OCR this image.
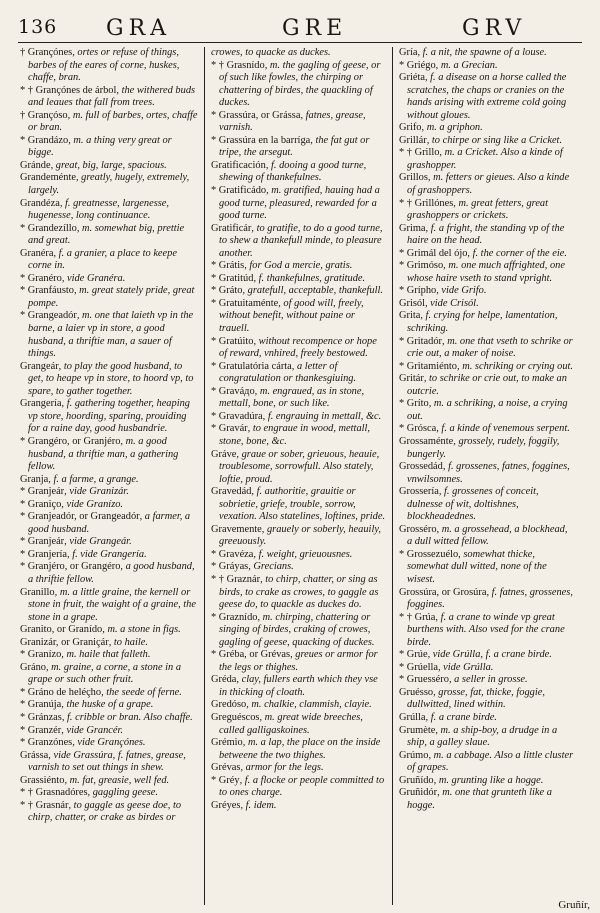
136 GRA	GRE	GRV

† Grançónes, ortes or refuse of things, barbes of the eares of corne, huskes, chaffe, bran.

* † Grançónes de árbol, the withered buds and leaues that fall from trees.

† Grançóso, m. full of barbes, ortes, chaffe or bran.

* Grandázo, m. a thing very great or bigge.

Gránde, great, big, large, spacious.

Grandeménte, greatly, hugely, extremely, largely.

Grandéza, f. greatnesse, largenesse, hugenesse, long continuance.

* Grandezíllo, m. somewhat big, prettie and great.

Granéra, f. a granier, a place to keepe corne in.

* Granéro, vide Granéra.

* Granfáusto, m. great stately pride, great pompe.

* Grangeadór, m. one that laieth vp in the barne, a laier vp in store, a good husband, a thriftie man, a sauer of things.

Grangeár, to play the good husband, to get, to heape vp in store, to hoord vp, to spare, to gather together.

Grangería, f. gathering together, heaping vp store, hoording, sparing, prouiding for a raine day, good husbandrie.

* Grangéro, or Granjéro, m. a good husband, a thriftie man, a gathering fellow.

Granja, f. a farme, a grange.

* Granjeár, vide Granizár.

* Graniço, vide Granízo.

* Granjeadór, or Grangeadór, a farmer, a good husband.

* Granjeár, vide Grangeár.

* Granjería, f. vide Grangería.

* Granjéro, or Grangéro, a good husband, a thriftie fellow.

Granillo, m. a little graine, the kernell or stone in fruit, the waight of a graine, the stone in a grape.

Granito, or Granído, m. a stone in figs.

Granizár, or Graniçár, to haile.

* Granízo, m. haile that falleth.

Gráno, m. graine, a corne, a stone in a grape or such other fruit.

* Gráno de heléçho, the seede of ferne.

* Granúja, the huske of a grape.

* Gránzas, f. cribble or bran. Also chaffe.

* Granzér, vide Grancér.

* Granzónes, vide Grançónes.

Grássa, vide Grassúra, f. fatnes, grease, varnish to set out things in shew.

Grassiénto, m. fat, greasie, well fed.

* † Grasnadóres, gaggling geese.

* † Grasnár, to gaggle as geese doe, to chirp, chatter, or crake as birdes or

crowes, to quacke as duckes.

* † Grasnído, m. the gagling of geese, or of such like fowles, the chirping or chattering of birdes, the quackling of duckes.

* Grassúra, or Grássa, fatnes, grease, varnish.

* Grassúra en la barríga, the fat gut or tripe, the arsegut.

Gratificación, f. dooing a good turne, shewing of thankefulnes.

* Gratificádo, m. gratified, hauing had a good turne, pleasured, rewarded for a good turne.

Gratificár, to gratifie, to do a good turne, to shew a thankefull minde, to pleasure another.

* Grátis, for God a mercie, gratis.

* Gratitúd, f. thankefulnes, gratitude.

* Gráto, gratefull, acceptable, thankefull.

* Gratuitaménte, of good will, freely, without benefit, without paine or trauell.

* Gratúito, without recompence or hope of reward, vnhired, freely bestowed.

* Gratulatória cárta, a letter of congratulation or thankesgiuing.

* Graváдо, m. engraued, as in stone, mettall, bone, or such like.

* Gravadúra, f. engrauing in mettall, &c.

* Gravár, to engraue in wood, mettall, stone, bone, &c.

Gráve, graue or sober, grieuous, heauie, troublesome, sorrowfull. Also stately, loftie, proud.

Gravedád, f. authoritie, grauitie or sobrietie, griefe, trouble, sorrow, vexation. Also statelines, loftines, pride.

Gravemente, grauely or soberly, heauily, greeuously.

* Gravéza, f. weight, grieuousnes.

* Gráyas, Grecians.

* † Graznár, to chirp, chatter, or sing as birds, to crake as crowes, to gaggle as geese do, to quackle as duckes do.

* Graznído, m. chirping, chattering or singing of birdes, craking of crowes, gagling of geese, quacking of duckes.

* Gréba, or Grévas, greues or armor for the legs or thighes.

Gréda, clay, fullers earth which they vse in thicking of cloath.

Gredóso, m. chalkie, clammish, clayie.

Greguéscos, m. great wide breeches, called galligaskoines.

Grémio, m. a lap, the place on the inside betweene the two thighes.

Grévas, armor for the legs.

* Gréy, f. a flocke or people committed to to ones charge.

Gréyes, f. idem.

Gría, f. a nit, the spawne of a louse.

* Griégo, m. a Grecian.

Griéta, f. a disease on a horse called the scratches, the chaps or cranies on the hands arising with extreme cold going without gloues.

Grifo, m. a griphon.

Grillár, to chirpe or sing like a Cricket.

* † Grillo, m. a Cricket. Also a kinde of grashopper.

Grillos, m. fetters or gieues. Also a kinde of grashoppers.

* † Grillónes, m. great fetters, great grashoppers or crickets.

Grima, f. a fright, the standing vp of the haire on the head.

* Grimál del ójo, f. the corner of the eie.

* Grimóso, m. one much affrighted, one whose haire vseth to stand vpright.

* Grípho, vide Grifo.

Grisól, vide Crisól.

Grita, f. crying for helpe, lamentation, schriking.

* Gritadór, m. one that vseth to schrike or crie out, a maker of noise.

* Gritamiénto, m. schriking or crying out.

Gritár, to schrike or crie out, to make an outcrie.

* Gríto, m. a schriking, a noise, a crying out.

* Grósca, f. a kinde of venemous serpent.

Grossaménte, grossely, rudely, foggily, bungerly.

Grossedád, f. grossenes, fatnes, foggines, vnwilsomnes.

Grossería, f. grossenes of conceit, dulnesse of wit, doltishnes, blockheadednes.

Grosséro, m. a grossehead, a blockhead, a dull witted fellow.

* Grossezuélo, somewhat thicke, somewhat dull witted, none of the wisest.

Grossúra, or Grosúra, f. fatnes, grossenes, foggines.

* † Grúa, f. a crane to winde vp great burthens with. Also vsed for the crane birde.

* Grúe, vide Grúlla, f. a crane birde.

* Grúella, vide Grúlla.

* Gruesséro, a seller in grosse.

Gruésso, grosse, fat, thicke, foggie, dullwitted, lined within.

Grúlla, f. a crane birde.

Grumète, m. a ship-boy, a drudge in a ship, a galley slaue.

Grúmo, m. a cabbage. Also a little cluster of grapes.

Gruñído, m. grunting like a hogge.

Gruñidór, m. one that grunteth like a hogge.

Gruñír,
